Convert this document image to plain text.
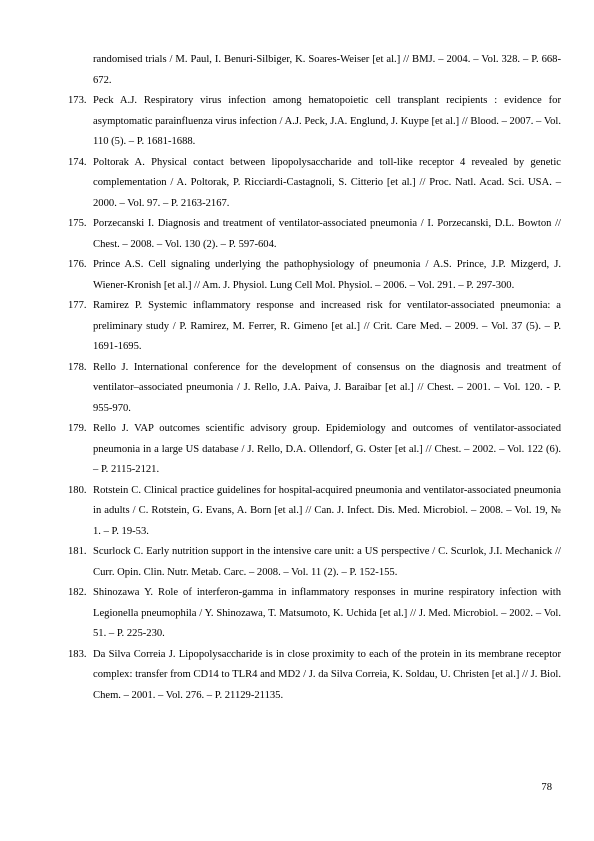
randomised trials / M. Paul, I. Benuri-Silbiger, K. Soares-Weiser [et al.] // BMJ. – 2004. – Vol. 328. – P. 668-672.
173. Peck A.J. Respiratory virus infection among hematopoietic cell transplant recipients : evidence for asymptomatic parainfluenza virus infection / A.J. Peck, J.A. Englund, J. Kuype [et al.] // Blood. – 2007. – Vol. 110 (5). – P. 1681-1688.
174. Poltorak A. Physical contact between lipopolysaccharide and toll-like receptor 4 revealed by genetic complementation / A. Poltorak, P. Ricciardi-Castagnoli, S. Citterio [et al.] // Proc. Natl. Acad. Sci. USA. – 2000. – Vol. 97. – P. 2163-2167.
175. Porzecanski I. Diagnosis and treatment of ventilator-associated pneumonia / I. Porzecanski, D.L. Bowton // Chest. – 2008. – Vol. 130 (2). – P. 597-604.
176. Prince A.S. Cell signaling underlying the pathophysiology of pneumonia / A.S. Prince, J.P. Mizgerd, J. Wiener-Kronish [et al.] // Am. J. Physiol. Lung Cell Mol. Physiol. – 2006. – Vol. 291. – P. 297-300.
177. Ramirez P. Systemic inflammatory response and increased risk for ventilator-associated pneumonia: a preliminary study / P. Ramirez, M. Ferrer, R. Gimeno [et al.] // Crit. Care Med. – 2009. – Vol. 37 (5). – P. 1691-1695.
178. Rello J. International conference for the development of consensus on the diagnosis and treatment of ventilator–associated pneumonia / J. Rello, J.A. Paiva, J. Baraibar [et al.] // Chest. – 2001. – Vol. 120. - P. 955-970.
179. Rello J. VAP outcomes scientific advisory group. Epidemiology and outcomes of ventilator-associated pneumonia in a large US database / J. Rello, D.A. Ollendorf, G. Oster [et al.] // Chest. – 2002. – Vol. 122 (6). – P. 2115-2121.
180. Rotstein C. Clinical practice guidelines for hospital-acquired pneumonia and ventilator-associated pneumonia in adults / C. Rotstein, G. Evans, A. Born [et al.] // Can. J. Infect. Dis. Med. Microbiol. – 2008. – Vol. 19, № 1. – P. 19-53.
181. Scurlock C. Early nutrition support in the intensive care unit: a US perspective / C. Scurlok, J.I. Mechanick // Curr. Opin. Clin. Nutr. Metab. Carc. – 2008. – Vol. 11 (2). – P. 152-155.
182. Shinozawa Y. Role of interferon-gamma in inflammatory responses in murine respiratory infection with Legionella pneumophila / Y. Shinozawa, T. Matsumoto, K. Uchida [et al.] // J. Med. Microbiol. – 2002. – Vol. 51. – P. 225-230.
183. Da Silva Correia J. Lipopolysaccharide is in close proximity to each of the protein in its membrane receptor complex: transfer from CD14 to TLR4 and MD2 / J. da Silva Correia, K. Soldau, U. Christen [et al.] // J. Biol. Chem. – 2001. – Vol. 276. – P. 21129-21135.
78
